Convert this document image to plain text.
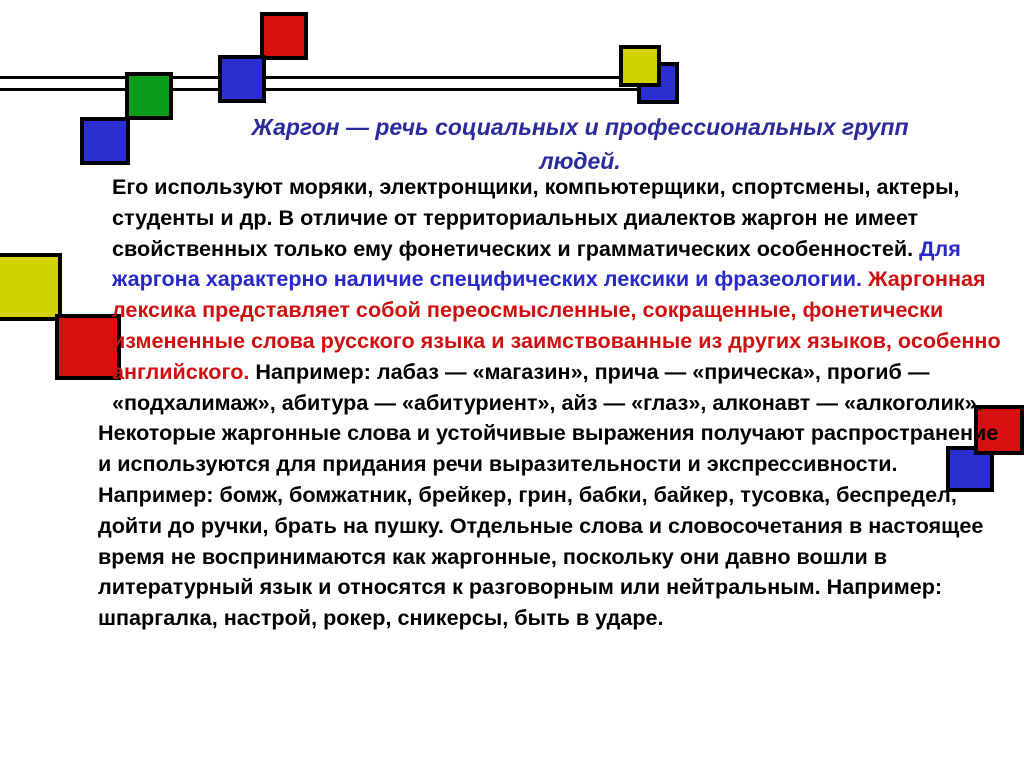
Жаргон — речь социальных и профессиональных групп
людей.

Его используют моряки, электронщики, компьютерщики, спортсмены, актеры, студенты и др. В отличие от территориальных диалектов жаргон не имеет свойственных только ему фонетических и грамматических особенностей. Для жаргона характерно наличие специфических лексики и фразеологии. Жаргонная лексика представляет собой переосмысленные, сокращенные, фонетически измененные слова русского языка и заимствованные из других языков, особенно английского. Например: лабаз — «магазин», прича — «прическа», прогиб — «подхалимаж», абитура — «абитуриент», айз — «глаз», алконавт — «алкоголик».

Некоторые жаргонные слова и устойчивые выражения получают распространение и используются для придания речи выразительности и экспрессивности. Например: бомж, бомжатник, брейкер, грин, бабки, байкер, тусовка, беспредел, дойти до ручки, брать на пушку. Отдельные слова и словосочетания в настоящее время не воспринимаются как жаргонные, поскольку они давно вошли в литературный язык и относятся к разговорным или нейтральным. Например: шпаргалка, настрой, рокер, сникерсы, быть в ударе.
